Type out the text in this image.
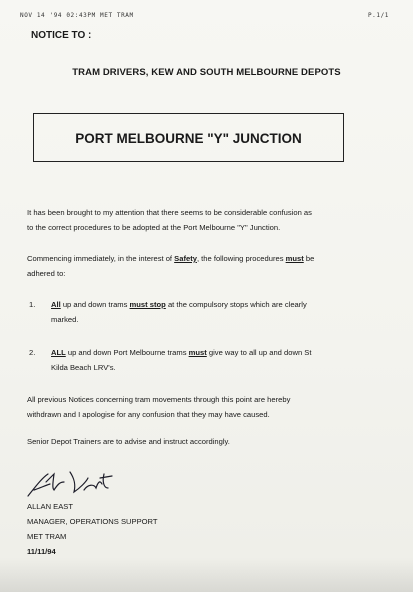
NOV 14 '94 02:43PM MET TRAM	P.1/1
NOTICE TO :
TRAM DRIVERS, KEW AND SOUTH MELBOURNE DEPOTS
PORT MELBOURNE "Y" JUNCTION
It has been brought to my attention that there seems to be considerable confusion as
to the correct procedures to be adopted at the Port Melbourne "Y" Junction.
Commencing immediately, in the interest of Safety, the following procedures must be
adhered to:
1. All up and down trams must stop at the compulsory stops which are clearly
marked.
2. ALL up and down Port Melbourne trams must give way to all up and down St
Kilda Beach LRV's.
All previous Notices concerning tram movements through this point are hereby
withdrawn and I apologise for any confusion that they may have caused.
Senior Depot Trainers are to advise and instruct accordingly.
ALLAN EAST
MANAGER, OPERATIONS SUPPORT
MET TRAM
11/11/94
